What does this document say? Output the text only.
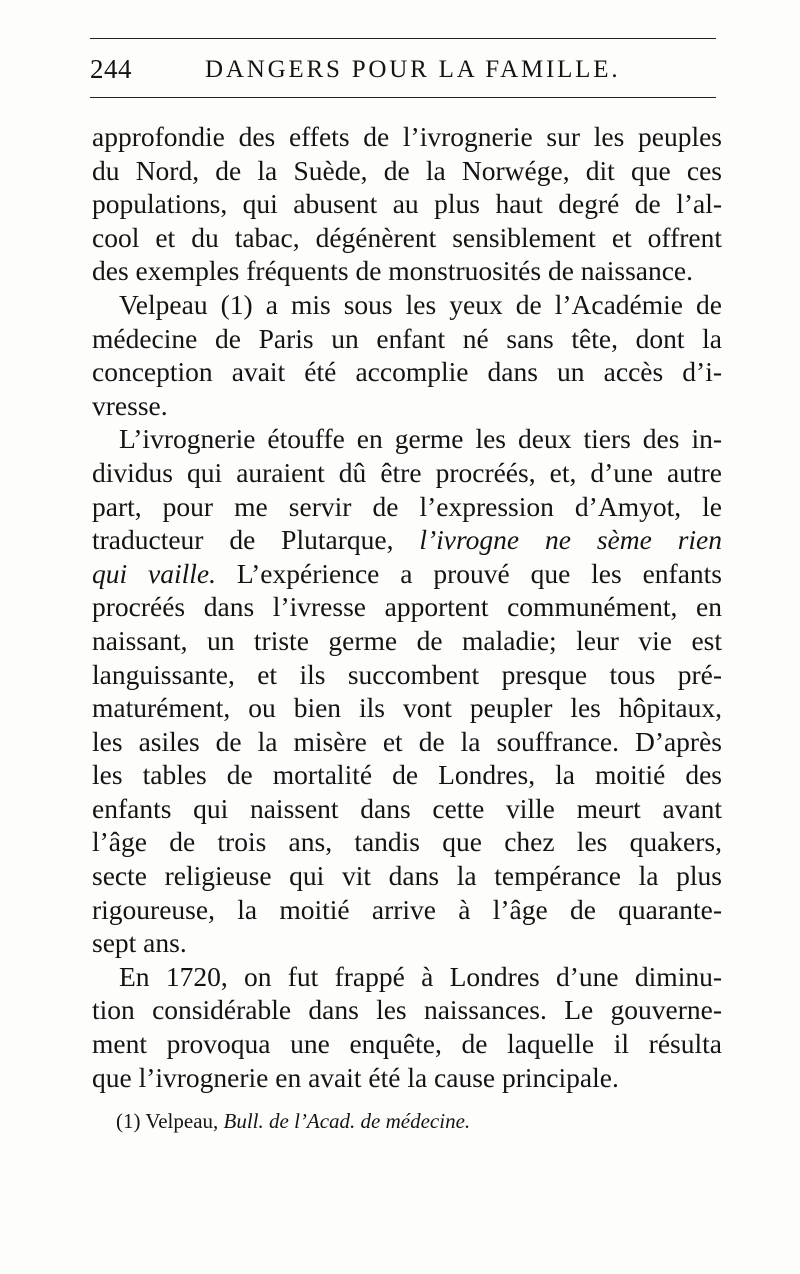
244	DANGERS POUR LA FAMILLE.
approfondie des effets de l’ivrognerie sur les peuples
du Nord, de la Suède, de la Norwége, dit que ces
populations, qui abusent au plus haut degré de l’al-
cool et du tabac, dégénèrent sensiblement et offrent
des exemples fréquents de monstruosités de naissance.
Velpeau (1) a mis sous les yeux de l’Académie de
médecine de Paris un enfant né sans tête, dont la
conception avait été accomplie dans un accès d’i-
vresse.
L’ivrognerie étouffe en germe les deux tiers des in-
dividus qui auraient dû être procréés, et, d’une autre
part, pour me servir de l’expression d’Amyot, le
traducteur de Plutarque, l’ivrogne ne sème rien
qui vaille. L’expérience a prouvé que les enfants
procréés dans l’ivresse apportent communément, en
naissant, un triste germe de maladie; leur vie est
languissante, et ils succombent presque tous pré-
maturément, ou bien ils vont peupler les hôpitaux,
les asiles de la misère et de la souffrance. D’après
les tables de mortalité de Londres, la moitié des
enfants qui naissent dans cette ville meurt avant
l’âge de trois ans, tandis que chez les quakers,
secte religieuse qui vit dans la tempérance la plus
rigoureuse, la moitié arrive à l’âge de quarante-
sept ans.
En 1720, on fut frappé à Londres d’une diminu-
tion considérable dans les naissances. Le gouverne-
ment provoqua une enquête, de laquelle il résulta
que l’ivrognerie en avait été la cause principale.
(1) Velpeau, Bull. de l’Acad. de médecine.
